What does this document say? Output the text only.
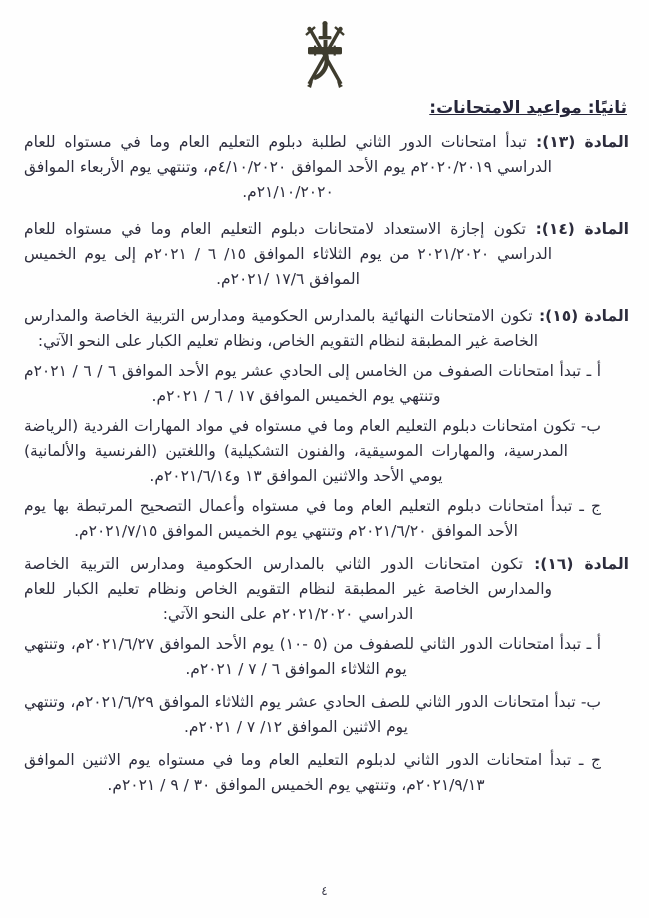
ثانيًا: مواعيد الامتحانات:

المادة (١٣):تبدأ امتحانات الدور الثاني لطلبة دبلوم التعليم العام وما في مستواه للعام الدراسي ٢٠٢٠/٢٠١٩م يوم الأحد الموافق ٤/١٠/٢٠٢٠م، وتنتهي يوم الأربعاء الموافق ٢١/١٠/٢٠٢٠م.

المادة (١٤):تكون إجازة الاستعداد لامتحانات دبلوم التعليم العام وما في مستواه للعام الدراسي ٢٠٢١/٢٠٢٠ من يوم الثلاثاء الموافق ١٥/ ٦ / ٢٠٢١م إلى يوم الخميس الموافق ١٧/٦ /٢٠٢١م.

المادة (١٥):تكون الامتحانات النهائية بالمدارس الحكومية ومدارس التربية الخاصة والمدارس الخاصة غير المطبقة لنظام التقويم الخاص، ونظام تعليم الكبار على النحو الآتي:

أ ـتبدأ امتحانات الصفوف من الخامس إلى الحادي عشر يوم الأحد الموافق ٦ / ٦ / ٢٠٢١م وتنتهي يوم الخميس الموافق ١٧ / ٦ / ٢٠٢١م.

ب-تكون امتحانات دبلوم التعليم العام وما في مستواه في مواد المهارات الفردية (الرياضة المدرسية، والمهارات الموسيقية، والفنون التشكيلية) واللغتين (الفرنسية والألمانية) يومي الأحد والاثنين الموافق ١٣ و٢٠٢١/٦/١٤م.

ج ـتبدأ امتحانات دبلوم التعليم العام وما في مستواه وأعمال التصحيح المرتبطة بها يوم الأحد الموافق ٢٠٢١/٦/٢٠م وتنتهي يوم الخميس الموافق ٢٠٢١/٧/١٥م.

المادة (١٦):تكون امتحانات الدور الثاني بالمدارس الحكومية ومدارس التربية الخاصة والمدارس الخاصة غير المطبقة لنظام التقويم الخاص ونظام تعليم الكبار للعام الدراسي ٢٠٢١/٢٠٢٠م على النحو الآتي:

أ ـتبدأ امتحانات الدور الثاني للصفوف من (٥ -١٠) يوم الأحد الموافق ٢٠٢١/٦/٢٧م، وتنتهي يوم الثلاثاء الموافق ٦ / ٧ / ٢٠٢١م.

ب-تبدأ امتحانات الدور الثاني للصف الحادي عشر يوم الثلاثاء الموافق ٢٠٢١/٦/٢٩م، وتنتهي يوم الاثنين الموافق ١٢/ ٧ / ٢٠٢١م.

ج ـتبدأ امتحانات الدور الثاني لدبلوم التعليم العام وما في مستواه يوم الاثنين الموافق ٢٠٢١/٩/١٣م، وتنتهي يوم الخميس الموافق ٣٠ / ٩ / ٢٠٢١م.

٤
